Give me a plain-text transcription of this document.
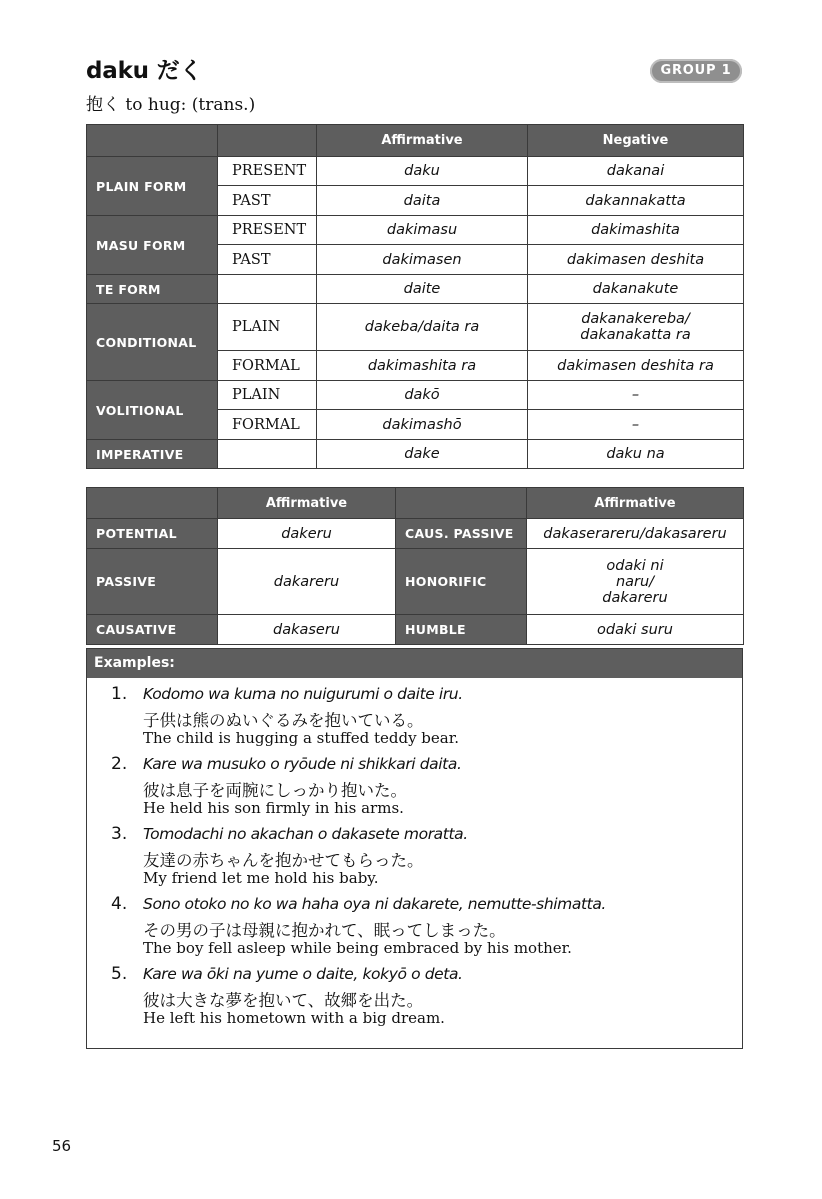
daku だく
抱く to hug: (trans.)
GROUP 1
		Affirmative	Negative
PLAIN FORM	PRESENT	daku	dakanai
	PAST	daita	dakannakatta
MASU FORM	PRESENT	dakimasu	dakimashita
	PAST	dakimasen	dakimasen deshita
TE FORM		daite	dakanakute
CONDITIONAL	PLAIN	dakeba/daita ra	dakanakereba/
dakanakatta ra

	FORMAL	dakimashita ra	dakimasen deshita ra
VOLITIONAL	PLAIN	dakō	–
	FORMAL	dakimashō	–
IMPERATIVE		dake	daku na
	Affirmative		Affirmative
POTENTIAL	dakeru	CAUS. PASSIVE	dakaserareru/dakasareru
PASSIVE	dakareru	HONORIFIC	odaki ni
naru/
dakareru

CAUSATIVE	dakaseru	HUMBLE	odaki suru
Examples:
1. Kodomo wa kuma no nuigurumi o daite iru.
子供は熊のぬいぐるみを抱いている。
The child is hugging a stuffed teddy bear.
2. Kare wa musuko o ryōude ni shikkari daita.
彼は息子を両腕にしっかり抱いた。
He held his son firmly in his arms.
3. Tomodachi no akachan o dakasete moratta.
友達の赤ちゃんを抱かせてもらった。
My friend let me hold his baby.
4. Sono otoko no ko wa haha oya ni dakarete, nemutte-shimatta.
その男の子は母親に抱かれて、眠ってしまった。
The boy fell asleep while being embraced by his mother.
5. Kare wa ōki na yume o daite, kokyō o deta.
彼は大きな夢を抱いて、故郷を出た。
He left his hometown with a big dream.
56
